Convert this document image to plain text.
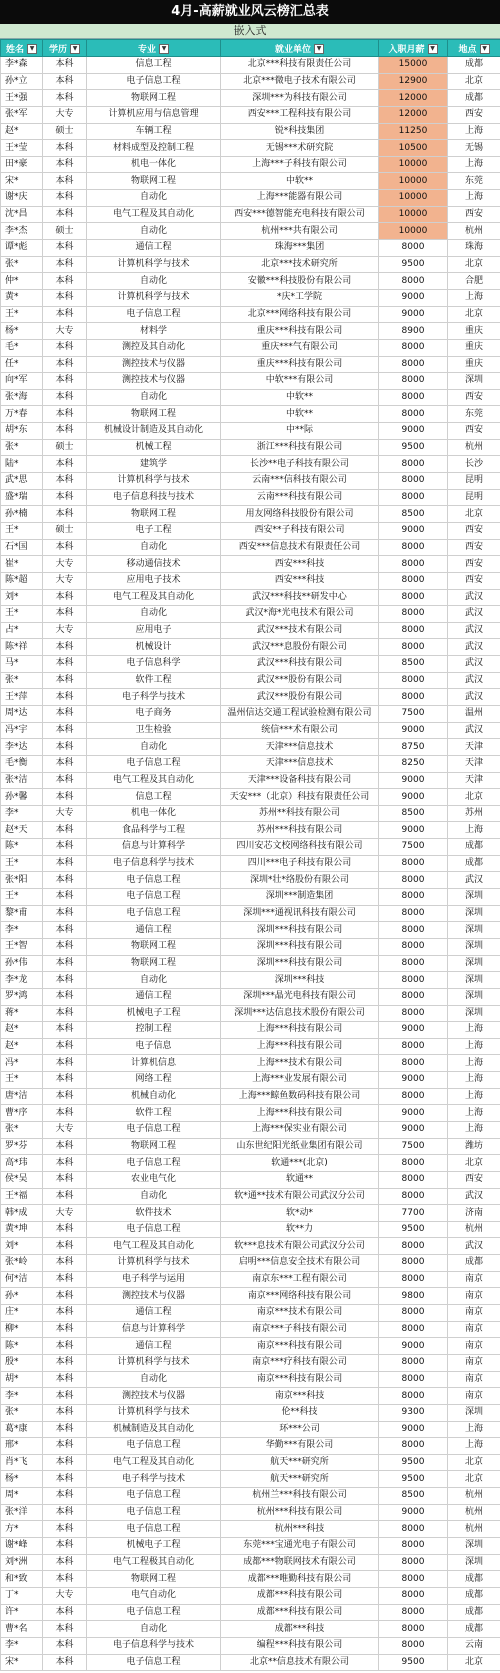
4月-高薪就业风云榜汇总表
嵌入式
姓名 ▼	学历 ▼	专业 ▼	就业单位 ▼	入职月薪 ▼	地点 ▼
李*森	本科	信息工程	北京***科技有限责任公司	15000	成都
孙*立	本科	电子信息工程	北京***微电子技术有限公司	12900	北京
王*强	本科	物联网工程	深圳***为科技有限公司	12000	成都
张*军	大专	计算机应用与信息管理	西安***工程科技有限公司	12000	西安
赵*	硕士	车辆工程	锐*科技集团	11250	上海
王*莹	本科	材料成型及控制工程	无锡***术研究院	10500	无锡
田*豪	本科	机电一体化	上海***子科技有限公司	10000	上海
宋*	本科	物联网工程	中软**	10000	东莞
谢*庆	本科	自动化	上海***能器有限公司	10000	上海
沈*昌	本科	电气工程及其自动化	西安***德智能充电科技有限公司	10000	西安
李*杰	硕士	自动化	杭州***共有限公司	10000	杭州
谭*彪	本科	通信工程	珠海***集团	8000	珠海
张*	本科	计算机科学与技术	北京***技术研究所	9500	北京
仲*	本科	自动化	安徽***科技股份有限公司	8000	合肥
黄*	本科	计算机科学与技术	*庆*工学院	9000	上海
王*	本科	电子信息工程	北京***网络科技有限公司	9000	北京
杨*	大专	材料学	重庆***科技有限公司	8900	重庆
毛*	本科	测控及其自动化	重庆***气有限公司	8000	重庆
任*	本科	测控技术与仪器	重庆***科技有限公司	8000	重庆
向*军	本科	测控技术与仪器	中软***有限公司	8000	深圳
张*海	本科	自动化	中软**	8000	西安
万*春	本科	物联网工程	中软**	8000	东莞
胡*东	本科	机械设计制造及其自动化	中**际	9000	西安
张*	硕士	机械工程	浙江***科技有限公司	9500	杭州
陆*	本科	建筑学	长沙**电子科技有限公司	8000	长沙
武*思	本科	计算机科学与技术	云南***信科技有限公司	8000	昆明
盛*瑞	本科	电子信息科技与技术	云南***科技有限公司	8000	昆明
孙*楠	本科	物联网工程	用友网络科技股份有限公司	8500	北京
王*	硕士	电子工程	西安**子科技有限公司	9000	西安
石*国	本科	自动化	西安***信息技术有限责任公司	8000	西安
崔*	大专	移动通信技术	西安***科技	8000	西安
陈*超	大专	应用电子技术	西安***科技	8000	西安
刘*	本科	电气工程及其自动化	武汉***科技**研发中心	8000	武汉
王*	本科	自动化	武汉*海*光电技术有限公司	8000	武汉
占*	大专	应用电子	武汉***技术有限公司	8000	武汉
陈*祥	本科	机械设计	武汉***息股份有限公司	8000	武汉
马*	本科	电子信息科学	武汉***科技有限公司	8500	武汉
张*	本科	软件工程	武汉***股份有限公司	8000	武汉
王*萍	本科	电子科学与技术	武汉***股份有限公司	8000	武汉
周*达	本科	电子商务	温州信达交通工程试验检测有限公司	7500	温州
冯*宇	本科	卫生检验	统信***术有限公司	9000	武汉
李*达	本科	自动化	天津***信息技术	8750	天津
毛*衡	本科	电子信息工程	天津***信息技术	8250	天津
张*洁	本科	电气工程及其自动化	天津***设备科技有限公司	9000	天津
孙*馨	本科	信息工程	天安***（北京）科技有限责任公司	9000	北京
李*	大专	机电一体化	苏州**科技有限公司	8500	苏州
赵*天	本科	食品科学与工程	苏州***科技有限公司	9000	上海
陈*	本科	信息与计算科学	四川安芯文校网络科技有限公司	7500	成都
王*	本科	电子信息科学与技术	四川***电子科技有限公司	8000	成都
张*阳	本科	电子信息工程	深圳*壮*络股份有限公司	8000	武汉
王*	本科	电子信息工程	深圳***制造集团	8000	深圳
黎*甫	本科	电子信息工程	深圳***通视讯科技有限公司	8000	深圳
李*	本科	通信工程	深圳***科技有限公司	8000	深圳
王*智	本科	物联网工程	深圳***科技有限公司	8000	深圳
孙*伟	本科	物联网工程	深圳***科技有限公司	8000	深圳
李*龙	本科	自动化	深圳***科技	8000	深圳
罗*鸿	本科	通信工程	深圳***晶光电科技有限公司	8000	深圳
蒋*	本科	机械电子工程	深圳***达信息技术股份有限公司	8000	深圳
赵*	本科	控制工程	上海***科技有限公司	9000	上海
赵*	本科	电子信息	上海***科技有限公司	8000	上海
冯*	本科	计算机信息	上海***技术有限公司	8000	上海
王*	本科	网络工程	上海***业发展有限公司	9000	上海
唐*洁	本科	机械自动化	上海***鲸鱼数码科技有限公司	8000	上海
曹*序	本科	软件工程	上海***科技有限公司	9000	上海
张*	大专	电子信息工程	上海***保实业有限公司	9000	上海
罗*芬	本科	物联网工程	山东世纪阳光纸业集团有限公司	7500	潍坊
高*玮	本科	电子信息工程	软通***(北京)	8000	北京
侯*吴	本科	农业电气化	软通**	8000	西安
王*福	本科	自动化	软*通**技术有限公司武汉分公司	8000	武汉
韩*成	大专	软件技术	软*动*	7700	济南
黄*坤	本科	电子信息工程	软**力	9500	杭州
刘*	本科	电气工程及其自动化	软***息技术有限公司武汉分公司	8000	武汉
张*岭	本科	计算机科学与技术	启明***信息安全技术有限公司	8000	成都
何*洁	本科	电子科学与运用	南京东***工程有限公司	8000	南京
孙*	本科	测控技术与仪器	南京***网络科技有限公司	9800	南京
庄*	本科	通信工程	南京***技术有限公司	8000	南京
柳*	本科	信息与计算科学	南京***子科技有限公司	8000	南京
陈*	本科	通信工程	南京***科技有限公司	9000	南京
殷*	本科	计算机科学与技术	南京***疗科技有限公司	8000	南京
胡*	本科	自动化	南京***科技有限公司	8000	南京
李*	本科	测控技术与仪器	南京***科技	8000	南京
张*	本科	计算机科学与技术	伦**科技	9300	深圳
葛*康	本科	机械制造及其自动化	环***公司	9000	上海
邢*	本科	电子信息工程	华勤***有限公司	8000	上海
肖*飞	本科	电气工程及其自动化	航天***研究所	9500	北京
杨*	本科	电子科学与技术	航天***研究所	9500	北京
周*	本科	电子信息工程	杭州兰***科技有限公司	8500	杭州
张*洋	本科	电子信息工程	杭州***科技有限公司	9000	杭州
方*	本科	电子信息工程	杭州***科技	8000	杭州
谢*峰	本科	机械电子工程	东莞***宝通光电子有限公司	8000	深圳
刘*洲	本科	电气工程极其自动化	成都***物联网技术有限公司	8000	深圳
和*致	本科	物联网工程	成都***唯勤科技有限公司	8000	成都
丁*	大专	电气自动化	成都***科技有限公司	8000	成都
许*	本科	电子信息工程	成都***科技有限公司	8000	成都
曹*名	本科	自动化	成都***科技	8000	成都
李*	本科	电子信息科学与技术	编程***科技有限公司	8000	云南
宋*	本科	电子信息工程	北京**信息技术有限公司	9500	北京
